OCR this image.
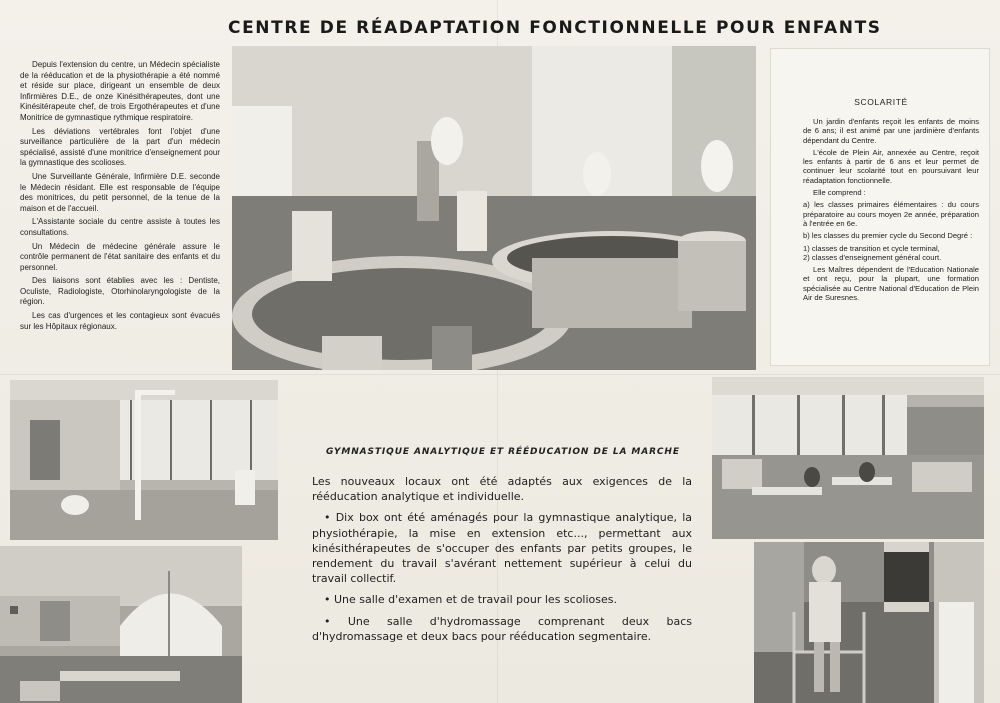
CENTRE DE RÉADAPTATION FONCTIONNELLE POUR ENFANTS

Depuis l'extension du centre, un Médecin spécialiste de la rééducation et de la physiothérapie a été nommé et réside sur place, dirigeant un ensemble de deux Infirmières D.E., de onze Kinésithérapeutes, dont une Kinésitérapeute chef, de trois Ergothérapeutes et d'une Monitrice de gymnastique rythmique respiratoire.

Les déviations vertébrales font l'objet d'une surveillance particulière de la part d'un médecin spécialisé, assisté d'une monitrice d'enseignement pour la gymnastique des scolioses.

Une Surveillante Générale, Infirmière D.E. seconde le Médecin résidant. Elle est responsable de l'équipe des monitrices, du petit personnel, de la tenue de la maison et de l'accueil.

L'Assistante sociale du centre assiste à toutes les consultations.

Un Médecin de médecine générale assure le contrôle permanent de l'état sanitaire des enfants et du personnel.

Des liaisons sont établies avec les : Dentiste, Oculiste, Radiologiste, Otorhinolaryngologiste de la région.

Les cas d'urgences et les contagieux sont évacués sur les Hôpitaux régionaux.

SCOLARITÉ

Un jardin d'enfants reçoit les enfants de moins de 6 ans; il est animé par une jardinière d'enfants dépendant du Centre.

L'école de Plein Air, annexée au Centre, reçoit les enfants à partir de 6 ans et leur permet de continuer leur scolarité tout en poursuivant leur réadaptation fonctionnelle.

Elle comprend :

a) les classes primaires élémentaires : du cours préparatoire au cours moyen 2e année, préparation à l'entrée en 6e.

b) les classes du premier cycle du Second Degré :

1) classes de transition et cycle terminal,

2) classes d'enseignement général court.

Les Maîtres dépendent de l'Education Nationale et ont reçu, pour la plupart, une formation spécialisée au Centre National d'Education de Plein Air de Suresnes.

GYMNASTIQUE ANALYTIQUE ET RÉÉDUCATION DE LA MARCHE

Les nouveaux locaux ont été adaptés aux exigences de la rééducation analytique et individuelle.

• Dix box ont été aménagés pour la gymnastique analytique, la physiothérapie, la mise en extension etc..., permettant aux kinésithérapeutes de s'occuper des enfants par petits groupes, le rendement du travail s'avérant nettement supérieur à celui du travail collectif.

• Une salle d'examen et de travail pour les scolioses.

• Une salle d'hydromassage comprenant deux bacs d'hydromassage et deux bacs pour rééducation segmentaire.
